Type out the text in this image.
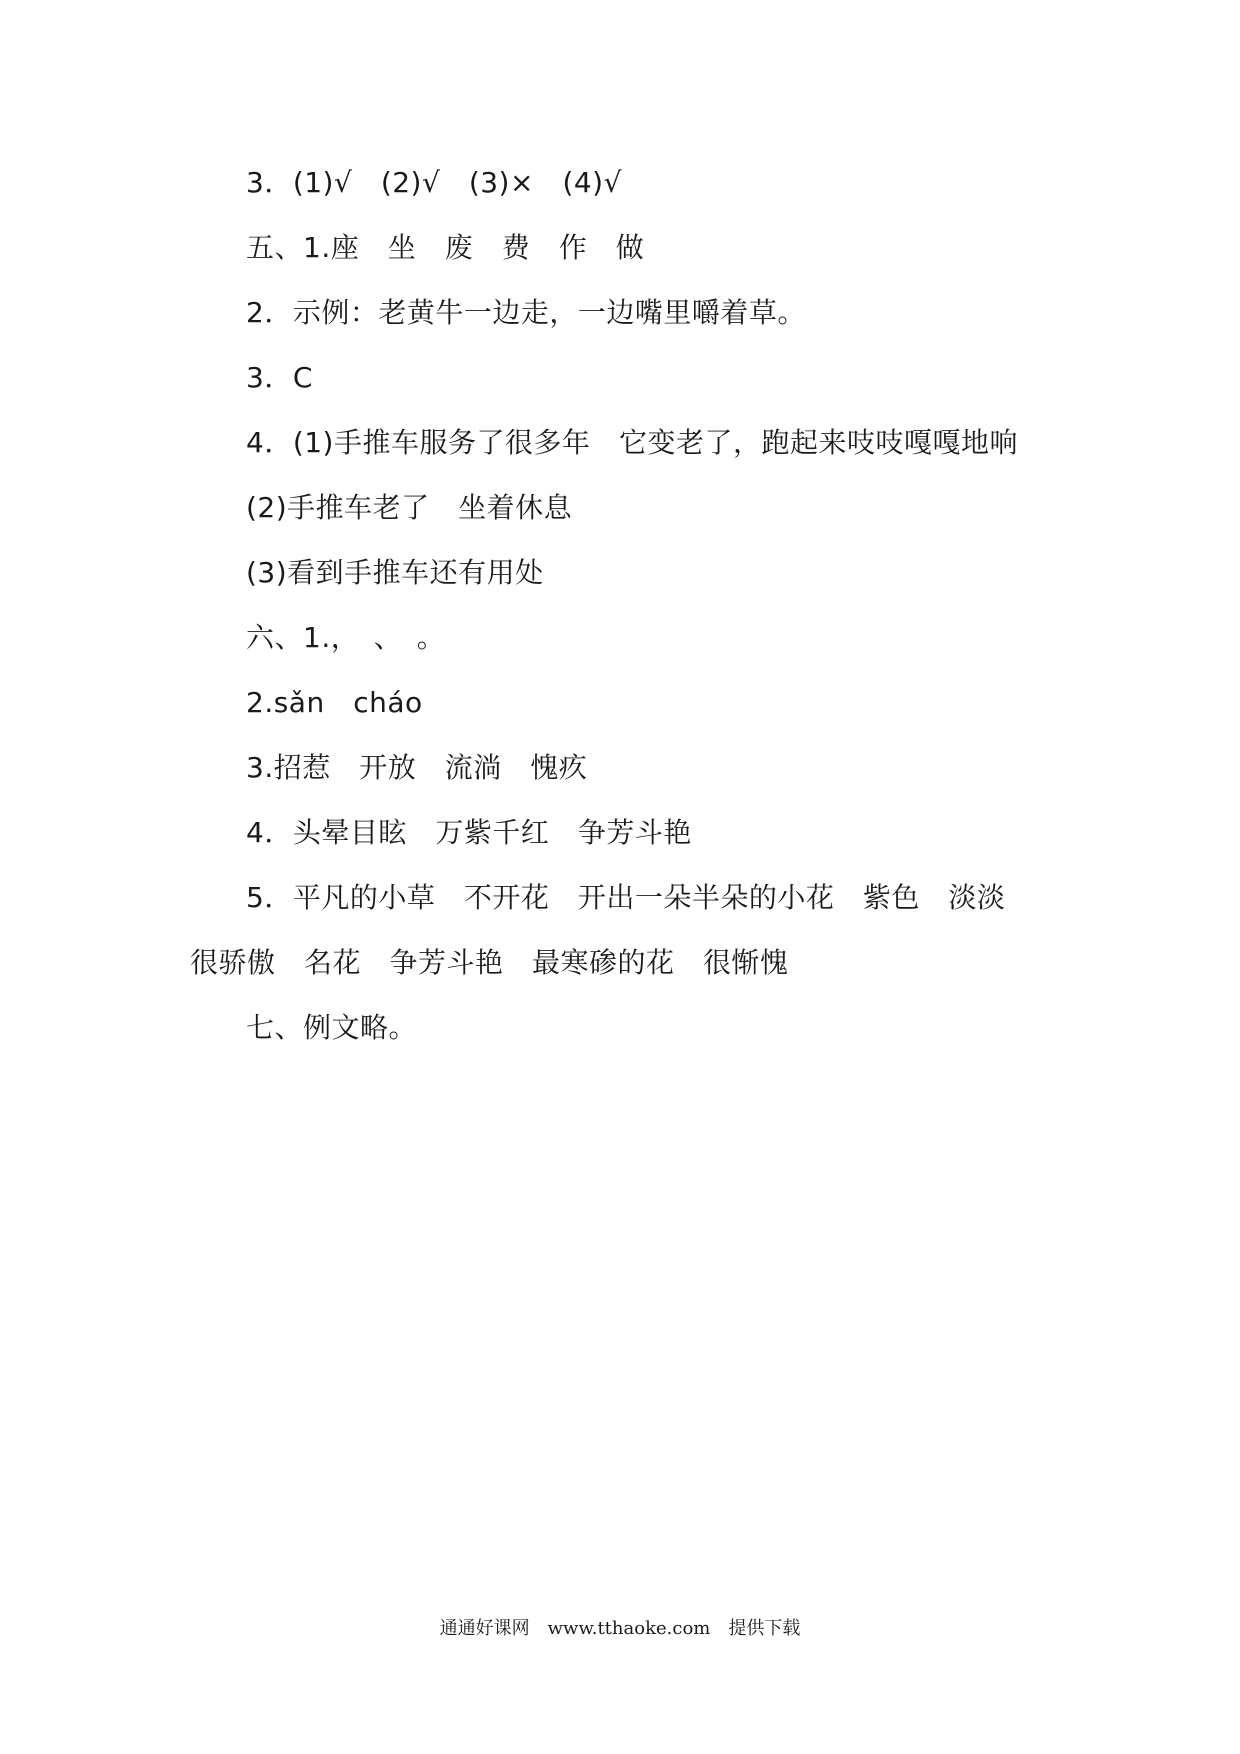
3．(1)√　(2)√　(3)×　(4)√
五、1.座　坐　废　费　作　做
2．示例：老黄牛一边走，一边嘴里嚼着草。
3．C
4．(1)手推车服务了很多年　它变老了，跑起来吱吱嘎嘎地响
(2)手推车老了　坐着休息
(3)看到手推车还有用处
六、1.，　、　。
2.sǎn　cháo
3.招惹　开放　流淌　愧疚
4．头晕目眩　万紫千红　争芳斗艳
5．平凡的小草　不开花　开出一朵半朵的小花　紫色　淡淡
很骄傲　名花　争芳斗艳　最寒碜的花　很惭愧
七、例文略。
通通好课网　www.tthaoke.com　提供下载
